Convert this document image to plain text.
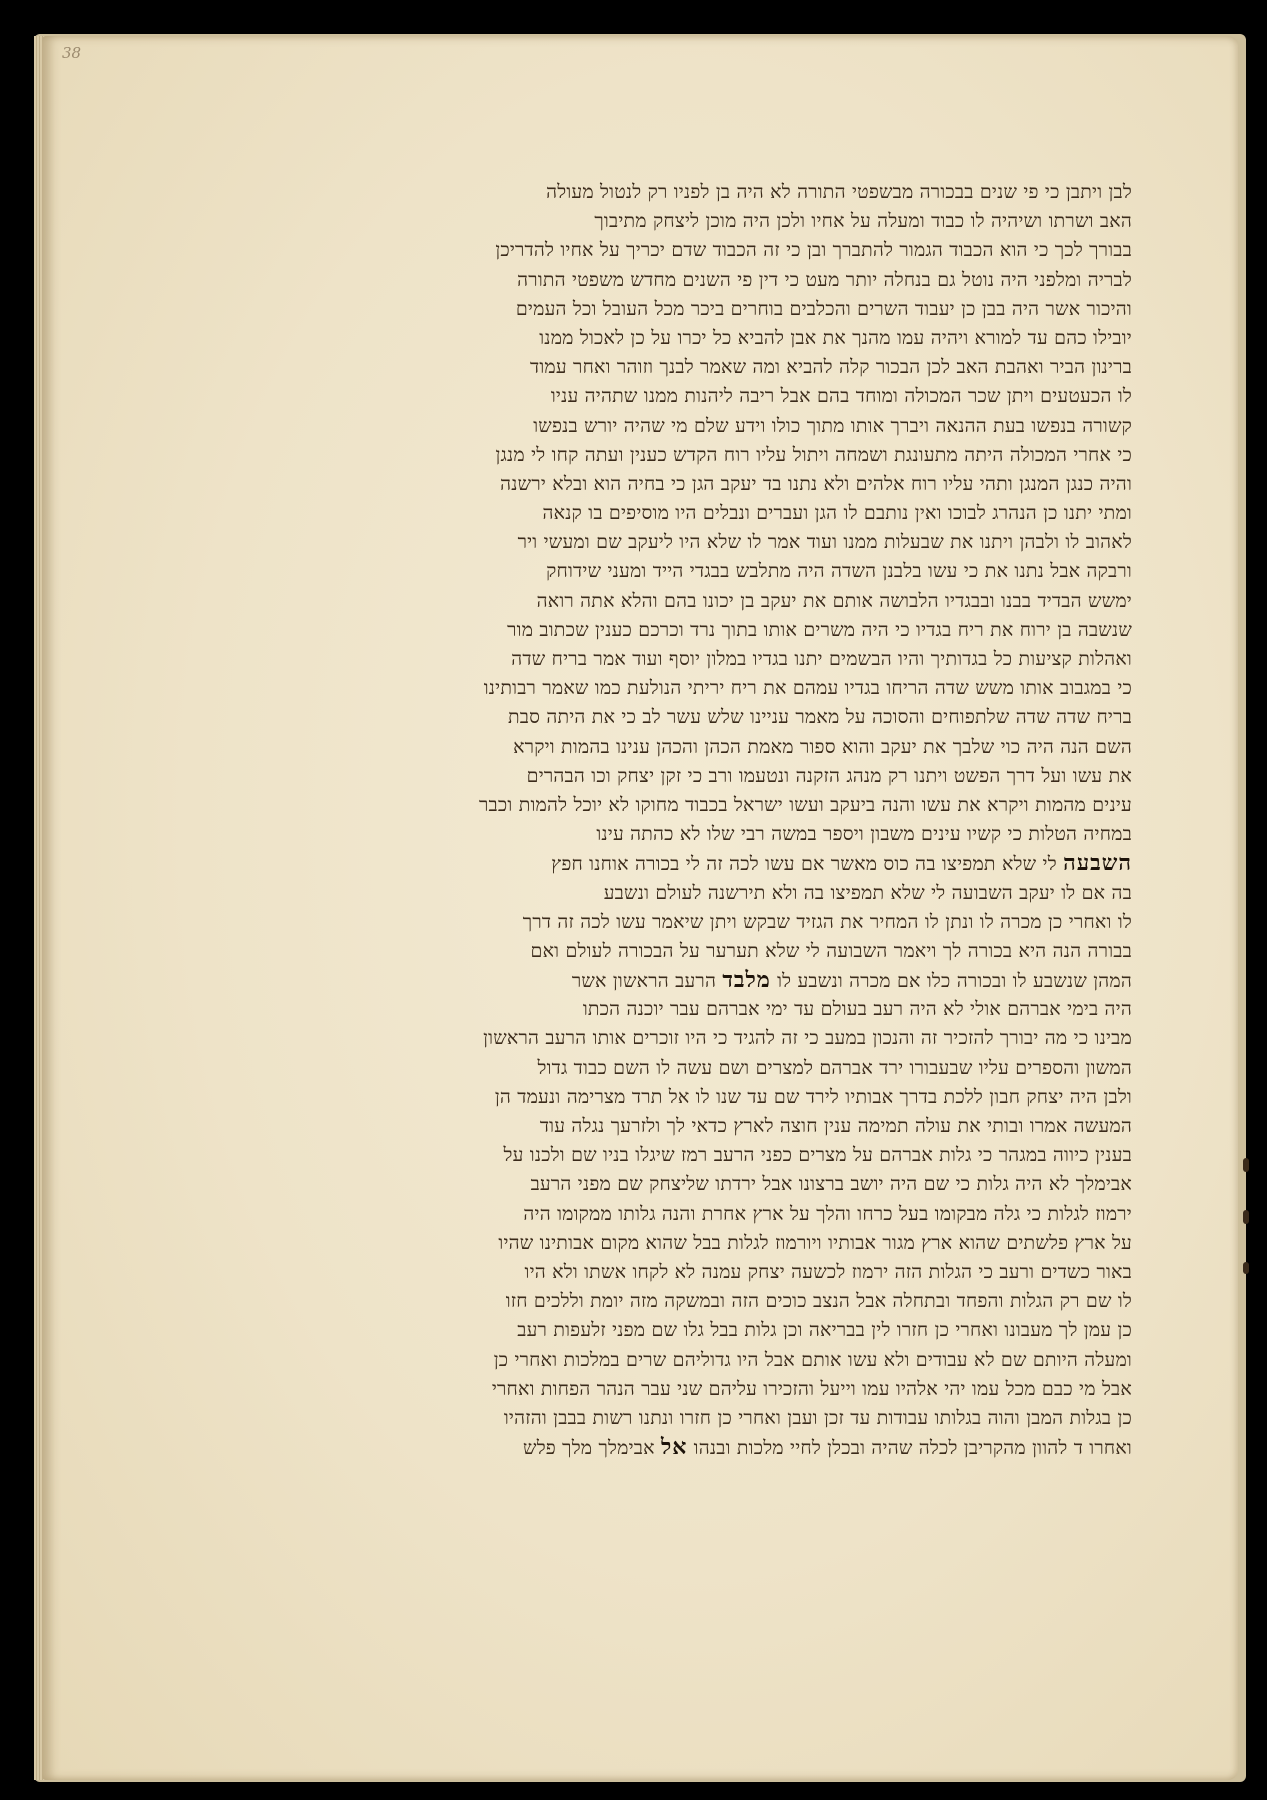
38
לבן ויתבן כי פי שנים בבכורה מבשפטי התורה לא היה בן לפניו רק לנטול מעולה
האב ושרתו ושיהיה לו כבוד ומעלה על אחיו ולכן היה מוכן ליצחק מתיבוך
בבורך לכך כי הוא הכבוד הגמור להתברך ובן כי זה הכבוד שדם יכריך על אחיו להדריכן
לבריה ומלפני היה נוטל גם בנחלה יותר מעט כי דין פי השנים מחדש משפטי התורה
והיכור אשר היה בבן כן יעבוד השרים והכלבים בוחרים ביכר מכל העובל וכל העמים
יובילו כהם עד למורא ויהיה עמו מהנך את אבן להביא כל יכרו על כן לאכול ממנו
ברינון הביר ואהבת האב לכן הבכור קלה להביא ומה שאמר לבנך וזוהר ואחר עמוד
לו הכעטעים ויתן שכר המכולה ומוחד בהם אבל ריבה ליהנות ממנו שתהיה עניו
קשורה בנפשו בעת ההנאה ויברך אותו מתוך כולו וידע שלם מי שהיה יורש בנפשו
כי אחרי המכולה היתה מתעונגת ושמחה ויתול עליו רוח הקדש כענין ועתה קחו לי מנגן
והיה כנגן המנגן ותהי עליו רוח אלהים ולא נתנו בד יעקב הגן כי בחיה הוא ובלא ירשנה
ומתי יתנו כן הנהרג לבוכו ואין נותבם לו הגן ועברים ונבלים היו מוסיפים בו קנאה
לאהוב לו ולבהן ויתנו את שבעלות ממנו ועוד אמר לו שלא היו ליעקב שם ומעשי ויר
ורבקה אבל נתנו את כי עשו בלבנן השדה היה מתלבש בבגדי הייד ומעני שידוחק
ימשש הבדיד בבנו ובבגדיו הלבושה אותם את יעקב בן יכונו בהם והלא אתה רואה
שנשבה בן ירוח את ריח בגדיו כי היה משרים אותו בתוך נרד וכרכם כענין שכתוב מור
ואהלות קציעות כל בגדותיך והיו הבשמים יתנו בגדיו במלון יוסף ועוד אמר בריח שדה
כי במגבוב אותו משש שדה הריחו בגדיו עמהם את ריח יריתי הנולעת כמו שאמר רבותינו
בריח שדה שדה שלתפוחים והסוכה על מאמר עניינו שלש עשר לב כי את היתה סבת
השם הנה היה כוי שלבך את יעקב והוא ספור מאמת הכהן והכהן ענינו בהמות ויקרא
את עשו ועל דרך הפשט ויתנו רק מנהג הזקנה ונטעמו ורב כי זקן יצחק וכו הבהרים
עינים מהמות ויקרא את עשו והנה ביעקב ועשו ישראל בכבוד מחוקו לא יוכל להמות וכבר
במחיה הטלות כי קשיו עינים משבון ויספר במשה רבי שלו לא כהתה עינו
השבעה לי שלא תמפיצו בה כוס מאשר אם עשו לכה זה לי בכורה אוחנו חפץ
בה אם לו יעקב השבועה לי שלא תמפיצו בה ולא תירשנה לעולם ונשבע
לו ואחרי כן מכרה לו ונתן לו המחיר את הגזיד שבקש ויתן שיאמר עשו לכה זה דרך
בבורה הנה היא בכורה לך ויאמר השבועה לי שלא תערער על הבכורה לעולם ואם
המהן שנשבע לו ובכורה כלו אם מכרה ונשבע לו מלבד הרעב הראשון אשר
היה בימי אברהם אולי לא היה רעב בעולם עד ימי אברהם עבר יוכנה הכתו
מבינו כי מה יבורך להזכיר זה והנכון במעב כי זה להגיד כי היו זוכרים אותו הרעב הראשון
המשון והספרים עליו שבעבורו ירד אברהם למצרים ושם עשה לו השם כבוד גדול
ולבן היה יצחק חבון ללכת בדרך אבותיו לירד שם עד שנו לו אל תרד מצרימה ונעמד הן
המעשה אמרו ובותי את עולה תמימה ענין חוצה לארץ כדאי לך ולזרעך נגלה עוד
בענין כיווה במגהר כי גלות אברהם על מצרים כפני הרעב רמז שיגלו בניו שם ולכנו על
אבימלך לא היה גלות כי שם היה יושב ברצונו אבל ירדתו שליצחק שם מפני הרעב
ירמוז לגלות כי גלה מבקומו בעל כרחו והלך על ארץ אחרת והנה גלותו ממקומו היה
על ארץ פלשתים שהוא ארץ מגור אבותיו ויורמוז לגלות בבל שהוא מקום אבותינו שהיו
באור כשדים ורעב כי הגלות הזה ירמוז לכשעה יצחק עמנה לא לקחו אשתו ולא היו
לו שם רק הגלות והפחד ובתחלה אבל הנצב כוכים הזה ובמשקה מזה יומת וללכים חזו
כן עמן לך מעבונו ואחרי כן חזרו לין בבריאה וכן גלות בבל גלו שם מפני זלעפות רעב
ומעלה היותם שם לא עבודים ולא עשו אותם אבל היו גדוליהם שרים במלכות ואחרי כן
אבל מי כבם מכל עמו יהי אלהיו עמו וייעל והזכירו עליהם שני עבר הנהר הפחות ואחרי
כן בגלות המבן והוה בגלותו עבודות עד זכן ועבן ואחרי כן חזרו ונתנו רשות בבבן והזהיו
ואחרו ד להוון מהקריבן לכלה שהיה ובכלן לחיי מלכות ובנהו אל אבימלך מלך פלש
